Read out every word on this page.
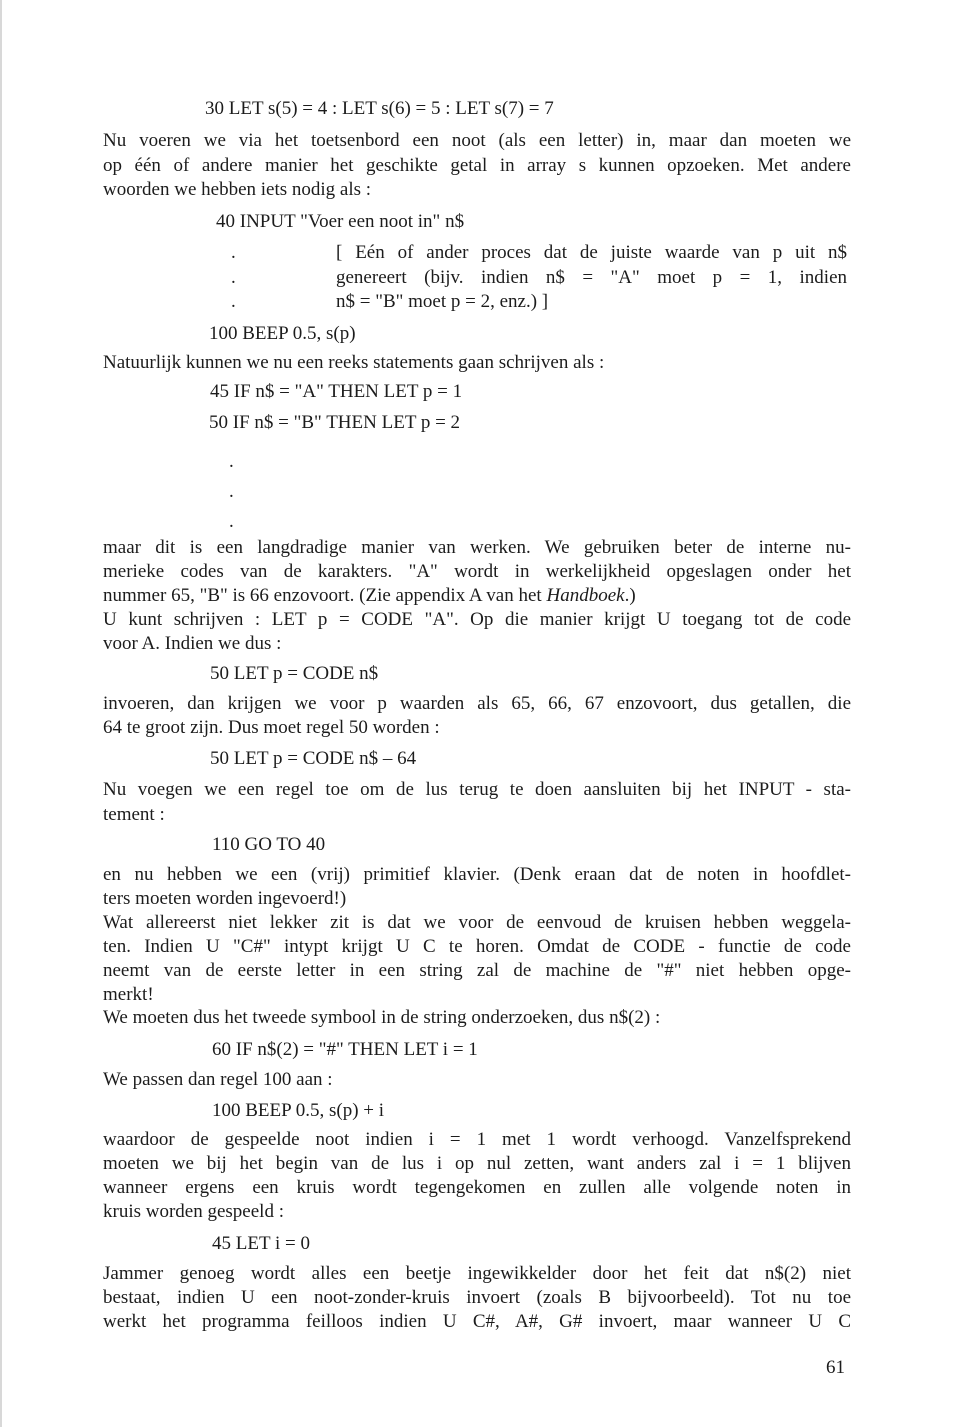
30 LET s(5) = 4 : LET s(6) = 5 : LET s(7) = 7
Nu voeren we via het toetsenbord een noot (als een letter) in, maar dan moeten we
op één of andere manier het geschikte getal in array s kunnen opzoeken. Met andere
woorden we hebben iets nodig als :
40 INPUT "Voer een noot in" n$
.
.
.
[ Eén of ander proces dat de juiste waarde van p uit n$
genereert (bijv. indien n$ = "A" moet p = 1, indien
n$ = "B" moet p = 2, enz.) ]
100 BEEP 0.5, s(p)
Natuurlijk kunnen we nu een reeks statements gaan schrijven als :
45 IF n$ = "A" THEN LET p = 1
50 IF n$ = "B" THEN LET p = 2
.
.
.
maar dit is een langdradige manier van werken. We gebruiken beter de interne nu-
merieke codes van de karakters. "A" wordt in werkelijkheid opgeslagen onder het
nummer 65, "B" is 66 enzovoort. (Zie appendix A van het Handboek.)
U kunt schrijven : LET p = CODE "A". Op die manier krijgt U toegang tot de code
voor A. Indien we dus :
50 LET p = CODE n$
invoeren, dan krijgen we voor p waarden als 65, 66, 67 enzovoort, dus getallen, die
64 te groot zijn. Dus moet regel 50 worden :
50 LET p = CODE n$ – 64
Nu voegen we een regel toe om de lus terug te doen aansluiten bij het INPUT - sta-
tement :
110 GO TO 40
en nu hebben we een (vrij) primitief klavier. (Denk eraan dat de noten in hoofdlet-
ters moeten worden ingevoerd!)
Wat allereerst niet lekker zit is dat we voor de eenvoud de kruisen hebben weggela-
ten. Indien U "C#" intypt krijgt U C te horen. Omdat de CODE - functie de code
neemt van de eerste letter in een string zal de machine de "#" niet hebben opge-
merkt!
We moeten dus het tweede symbool in de string onderzoeken, dus n$(2) :
60 IF n$(2) = "#" THEN LET i = 1
We passen dan regel 100 aan :
100 BEEP 0.5, s(p) + i
waardoor de gespeelde noot indien i = 1 met 1 wordt verhoogd. Vanzelfsprekend
moeten we bij het begin van de lus i op nul zetten, want anders zal i = 1 blijven
wanneer ergens een kruis wordt tegengekomen en zullen alle volgende noten in
kruis worden gespeeld :
45 LET i = 0
Jammer genoeg wordt alles een beetje ingewikkelder door het feit dat n$(2) niet
bestaat, indien U een noot-zonder-kruis invoert (zoals B bijvoorbeeld). Tot nu toe
werkt het programma feilloos indien U C#, A#, G# invoert, maar wanneer U C
61
